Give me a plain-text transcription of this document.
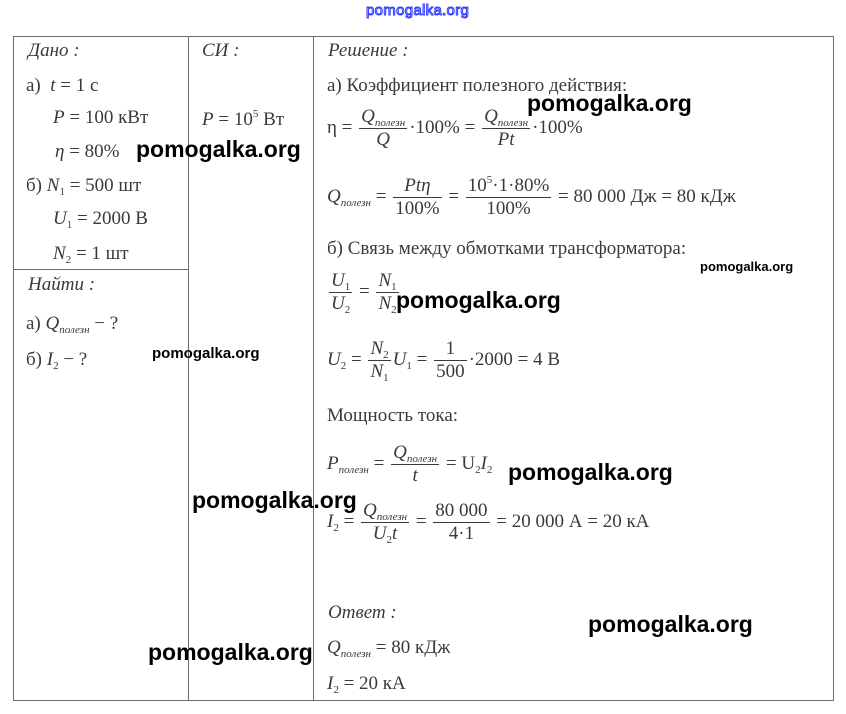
Дано :
а) t = 1 с
P = 100 кВт
η = 80%
б) $N_1 = 500$ шт
$U_1 = 2000$ В
$N_2 = 1$ шт
Найти :
а) $Q_{полезн}$ − ?
б) $I_2$ − ?
СИ :
$P = 10^5$ Вт
Решение :
а) Коэффициент полезного действия:
$\eta = \frac{Q_{полезн}}{Q} \cdot 100\% = \frac{Q_{полезн}}{Pt} \cdot 100\%$
$Q_{полезн} = \frac{\text{Ptη}}{100\%} = \frac{10^5\cdot 1\cdot 80\%}{100\%} = 80$ 000 Дж = 80 кДж
б) Связь между обмотками трансформатора:
$\frac{U_1}{U_2} = \frac{N_1}{N_2}$
$U_2 = \frac{N_2}{N_1} U_1 = \frac{1}{500} \cdot 2000 = 4$ В
Мощность тока:
$P_{полезн} = \frac{Q_{полезн}}{t} = U_2I_2$
$I_2 = \frac{Q_{полезн}}{U_2t} = \frac{80 000}{4\cdot 1} = 20$ 000 А = 20 кА
Ответ :
$Q_{полезн} = 80$ кДж
$I_2 = 20$ кА
pomogalka.org
pomogalka.org
pomogalka.org
pomogalka.org
pomogalka.org
pomogalka.org
pomogalka.org
pomogalka.org
pomogalka.org
pomogalka.org
